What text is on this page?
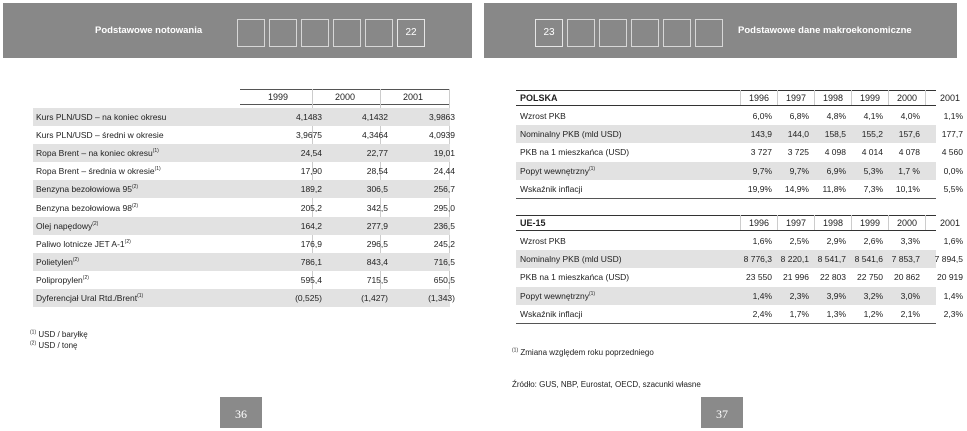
Podstawowe notowania	22
1999	2000	2001
Kurs PLN/USD – na koniec okresu	4,1483	4,1432	3,9863
Kurs PLN/USD – średni w okresie	3,9675	4,3464	4,0939
Ropa Brent – na koniec okresu$^{(1)}$	24,54	22,77	19,01
Ropa Brent – średnia w okresie$^{(1)}$	17,90	28,54	24,44
Benzyna bezołowiowa 95$^{(2)}$	189,2	306,5	256,7
Benzyna bezołowiowa 98$^{(2)}$	205,2	342,5	295,0
Olej napędowy$^{(2)}$	164,2	277,9	236,5
Paliwo lotnicze JET A-1$^{(2)}$	176,9	296,5	245,2
Polietylen$^{(2)}$	786,1	843,4	716,5
Polipropylen$^{(2)}$	595,4	715,5	650,5
Dyferencjał Ural Rtd./Brent$^{(1)}$	(0,525)	(1,427)	(1,343)
$^{(1)}$ USD / baryłkę
$^{(2)}$ USD / tonę
36
23	Podstawowe dane makroekonomiczne
POLSKA	1996	1997	1998	1999	2000	2001
Wzrost PKB	6,0%	6,8%	4,8%	4,1%	4,0%	1,1%
Nominalny PKB (mld USD)	143,9	144,0	158,5	155,2	157,6	177,7
PKB na 1 mieszkańca (USD)	3 727	3 725	4 098	4 014	4 078	4 560
Popyt wewnętrzny$^{(1)}$	9,7%	9,7%	6,9%	5,3%	1,7 %	0,0%
Wskaźnik inflacji	19,9%	14,9%	11,8%	7,3%	10,1%	5,5%
UE-15	1996	1997	1998	1999	2000	2001
Wzrost PKB	1,6%	2,5%	2,9%	2,6%	3,3%	1,6%
Nominalny PKB (mld USD)	8 776,3	8 220,1	8 541,7	8 541,6	7 853,7	7 894,5
PKB na 1 mieszkańca (USD)	23 550	21 996	22 803	22 750	20 862	20 919
Popyt wewnętrzny$^{(1)}$	1,4%	2,3%	3,9%	3,2%	3,0%	1,4%
Wskaźnik inflacji	2,4%	1,7%	1,3%	1,2%	2,1%	2,3%
$^{(1)}$ Zmiana względem roku poprzedniego
Źródło: GUS, NBP, Eurostat, OECD, szacunki własne
37
